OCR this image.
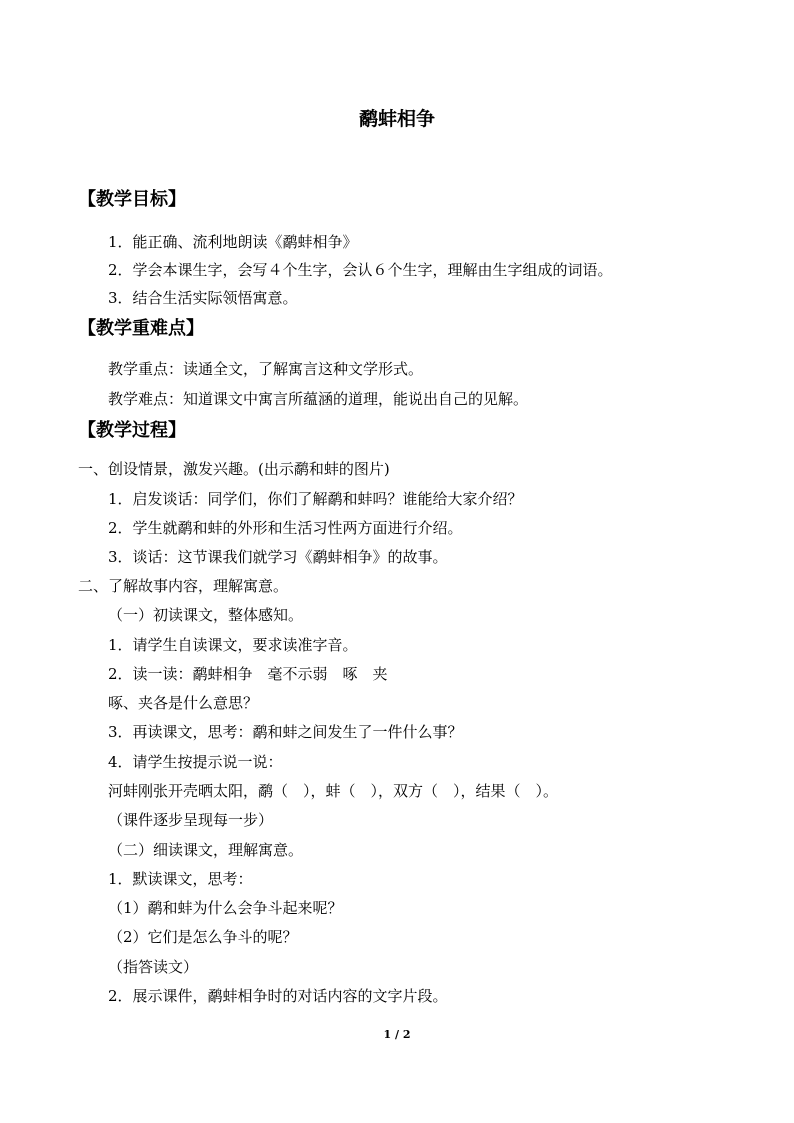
鹬蚌相争
【教学目标】
1．能正确、流利地朗读《鹬蚌相争》
2．学会本课生字，会写４个生字，会认６个生字，理解由生字组成的词语。
3．结合生活实际领悟寓意。
【教学重难点】
教学重点：读通全文，了解寓言这种文学形式。
教学难点：知道课文中寓言所蕴涵的道理，能说出自己的见解。
【教学过程】
一、创设情景，激发兴趣。(出示鹬和蚌的图片)
1．启发谈话：同学们，你们了解鹬和蚌吗？谁能给大家介绍？
2．学生就鹬和蚌的外形和生活习性两方面进行介绍。
3．谈话：这节课我们就学习《鹬蚌相争》的故事。
二、了解故事内容，理解寓意。
（一）初读课文，整体感知。
1．请学生自读课文，要求读准字音。
2．读一读：鹬蚌相争　毫不示弱　啄　夹
啄、夹各是什么意思？
3．再读课文，思考：鹬和蚌之间发生了一件什么事？
4．请学生按提示说一说：
河蚌刚张开壳晒太阳，鹬（　），蚌（　），双方（　），结果（　）。
（课件逐步呈现每一步）
（二）细读课文，理解寓意。
1．默读课文，思考：
（1）鹬和蚌为什么会争斗起来呢？
（2）它们是怎么争斗的呢？
（指答读文）
2．展示课件，鹬蚌相争时的对话内容的文字片段。
1 / 2
